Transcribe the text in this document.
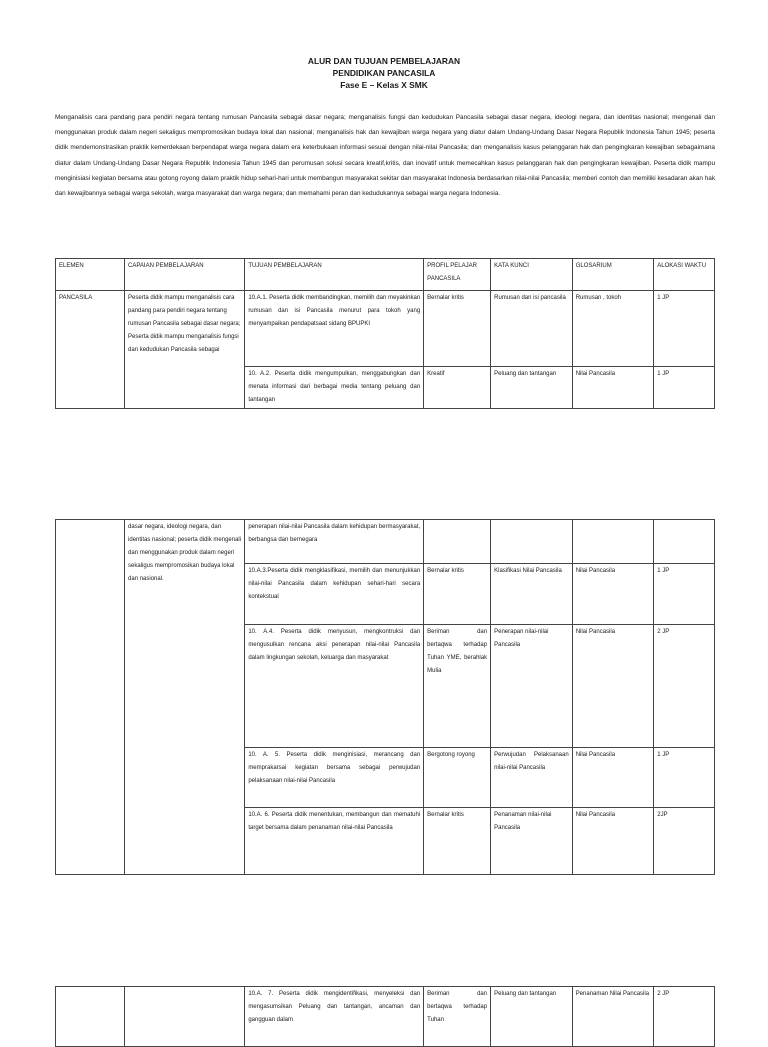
ALUR DAN TUJUAN PEMBELAJARAN
PENDIDIKAN PANCASILA
Fase E – Kelas X SMK

Menganalisis cara pandang para pendiri negara tentang rumusan Pancasila sebagai dasar negara; menganalisis fungsi dan kedudukan Pancasila sebagai dasar negara, ideologi negara, dan identitas nasional; mengenali dan menggunakan produk dalam negeri sekaligus mempromosikan budaya lokal dan nasional; menganalisis hak dan kewajiban warga negara yang diatur dalam Undang-Undang Dasar Negara Republik Indonesia Tahun 1945; peserta didik mendemonstrasikan praktik kemerdekaan berpendapat warga negara dalam era keterbukaan informasi sesuai dengan nilai-nilai Pancasila; dan menganalisis kasus pelanggaran hak dan pengingkaran kewajiban sebagaimana diatur dalam Undang-Undang Dasar Negara Republik Indonesia Tahun 1945 dan perumusan solusi secara kreatif,kritis, dan inovatif untuk memecahkan kasus pelanggaran hak dan pengingkaran kewajiban. Peserta didik mampu menginisiasi kegiatan bersama atau gotong royong dalam praktik hidup sehari-hari untuk membangun masyarakat sekitar dan masyarakat Indonesia berdasarkan nilai-nilai Pancasila; memberi contoh dan memiliki kesadaran akan hak dan kewajibannya sebagai warga sekolah, warga masyarakat dan warga negara; dan memahami peran dan kedudukannya sebagai warga negara Indonesia.

ELEMEN	CAPAIAN PEMBELAJARAN	TUJUAN PEMBELAJARAN	PROFIL PELAJAR PANCASILA	KATA KUNCI	GLOSARIUM	ALOKASI WAKTU
PANCASILA	Peserta didik mampu menganalisis cara pandang para pendiri negara tentang rumusan Pancasila sebagai dasar negara; Peserta didik mampu menganalisis fungsi dan kedudukan Pancasila sebagai	10.A.1. Peserta didik membandingkan, memilih dan meyakinkan rumusan dan isi Pancasila menurut para tokoh yang menyampaikan pendapatsaat sidang BPUPKI	Bernalar kritis	Rumusan dan isi pancasila	Rumusan , tokoh	1 JP
		10. A.2. Peserta didik mengumpulkan, menggabungkan dan menata informasi dari berbagai media tentang peluang dan tantangan	Kreatif	Peluang dan tantangan	Nilai Pancasila	1 JP
	dasar negara, ideologi negara, dan identitas nasional; peserta didik mengenali dan menggunakan produk dalam negeri sekaligus mempromosikan budaya lokal dan nasional.	penerapan nilai-nilai Pancasila dalam kehidupan bermasyarakat, berbangsa dan bernegara				
		10.A.3.Peserta didik mengklasifikasi, memilih dan menunjukkan nilai-nilai Pancasila dalam kehidupan sehari-hari secara kontekstual	Bernalar kritis	Klasifikasi Nilai Pancasila	Nilai Pancasila	1 JP
		10. A.4. Peserta didik menyusun, mengkontruksi dan mengusulkan rencana aksi penerapan nilai-nilai Pancasila dalam lingkungan sekolah, keluarga dan masyarakat	Beriman dan bertaqwa terhadap Tuhan YME, berahlak Mulia	Penerapan nilai-nilai Pancasila	Nilai Pancasila	2 JP
		10. A. 5. Peserta didik menginisiasi, merancang dan memprakarsai kegiatan bersama sebagai perwujudan pelaksanaan nilai-nilai Pancasila	Bergotong royong	Perwujudan Pelaksanaan nilai-nilai Pancasila	Nilai Pancasila	1 JP
		10.A. 6. Peserta didik menentukan, membangun dan mematuhi target bersama dalam penanaman nilai-nilai Pancasila	Bernalar kritis	Penanaman nilai-nilai Pancasila	Nilai Pancasila	2JP
		10.A. 7. Peserta didik mengidentifikasi, menyeleksi dan mengasumsikan Peluang dan tantangan, ancaman dan gangguan dalam	Beriman dan bertaqwa terhadap Tuhan	Peluang dan tantangan	Penanaman Nilai Pancasila	2 JP
